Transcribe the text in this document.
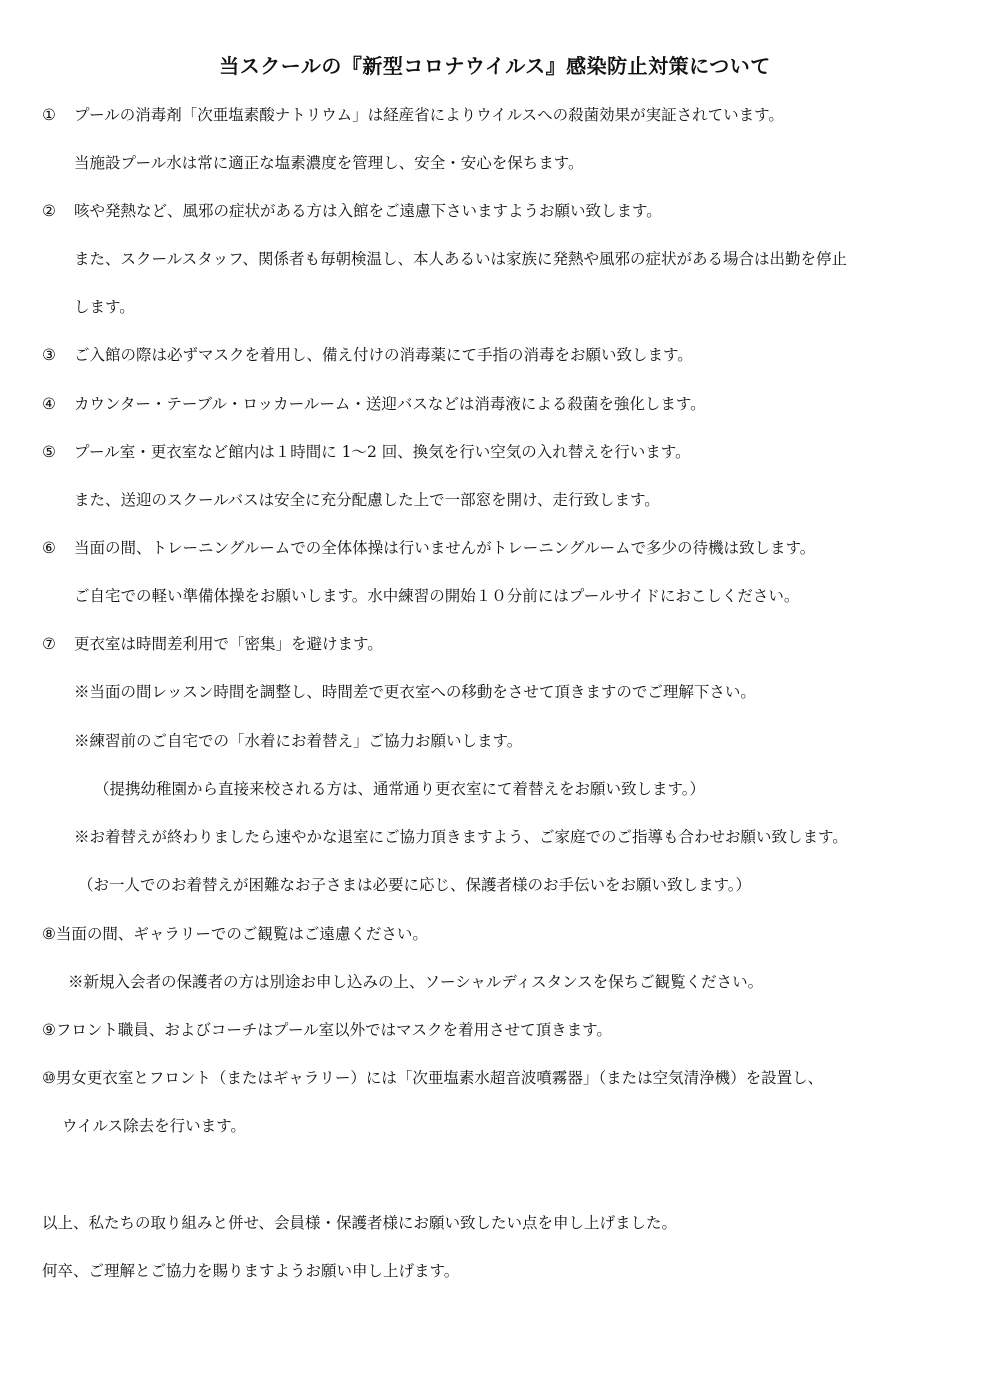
当スクールの『新型コロナウイルス』感染防止対策について

① プールの消毒剤「次亜塩素酸ナトリウム」は経産省によりウイルスへの殺菌効果が実証されています。

当施設プール水は常に適正な塩素濃度を管理し、安全・安心を保ちます。

② 咳や発熱など、風邪の症状がある方は入館をご遠慮下さいますようお願い致します。

また、スクールスタッフ、関係者も毎朝検温し、本人あるいは家族に発熱や風邪の症状がある場合は出勤を停止

します。

③ ご入館の際は必ずマスクを着用し、備え付けの消毒薬にて手指の消毒をお願い致します。

④ カウンター・テーブル・ロッカールーム・送迎バスなどは消毒液による殺菌を強化します。

⑤ プール室・更衣室など館内は１時間に 1～2 回、換気を行い空気の入れ替えを行います。

また、送迎のスクールバスは安全に充分配慮した上で一部窓を開け、走行致します。

⑥ 当面の間、トレーニングルームでの全体体操は行いませんがトレーニングルームで多少の待機は致します。

ご自宅での軽い準備体操をお願いします。水中練習の開始１０分前にはプールサイドにおこしください。

⑦ 更衣室は時間差利用で「密集」を避けます。

※当面の間レッスン時間を調整し、時間差で更衣室への移動をさせて頂きますのでご理解下さい。

※練習前のご自宅での「水着にお着替え」ご協力お願いします。

（提携幼稚園から直接来校される方は、通常通り更衣室にて着替えをお願い致します。）

※お着替えが終わりましたら速やかな退室にご協力頂きますよう、ご家庭でのご指導も合わせお願い致します。

（お一人でのお着替えが困難なお子さまは必要に応じ、保護者様のお手伝いをお願い致します。）

⑧当面の間、ギャラリーでのご観覧はご遠慮ください。

※新規入会者の保護者の方は別途お申し込みの上、ソーシャルディスタンスを保ちご観覧ください。

⑨フロント職員、およびコーチはプール室以外ではマスクを着用させて頂きます。

⑩男女更衣室とフロント（またはギャラリー）には「次亜塩素水超音波噴霧器」（または空気清浄機）を設置し、

ウイルス除去を行います。

以上、私たちの取り組みと併せ、会員様・保護者様にお願い致したい点を申し上げました。

何卒、ご理解とご協力を賜りますようお願い申し上げます。
